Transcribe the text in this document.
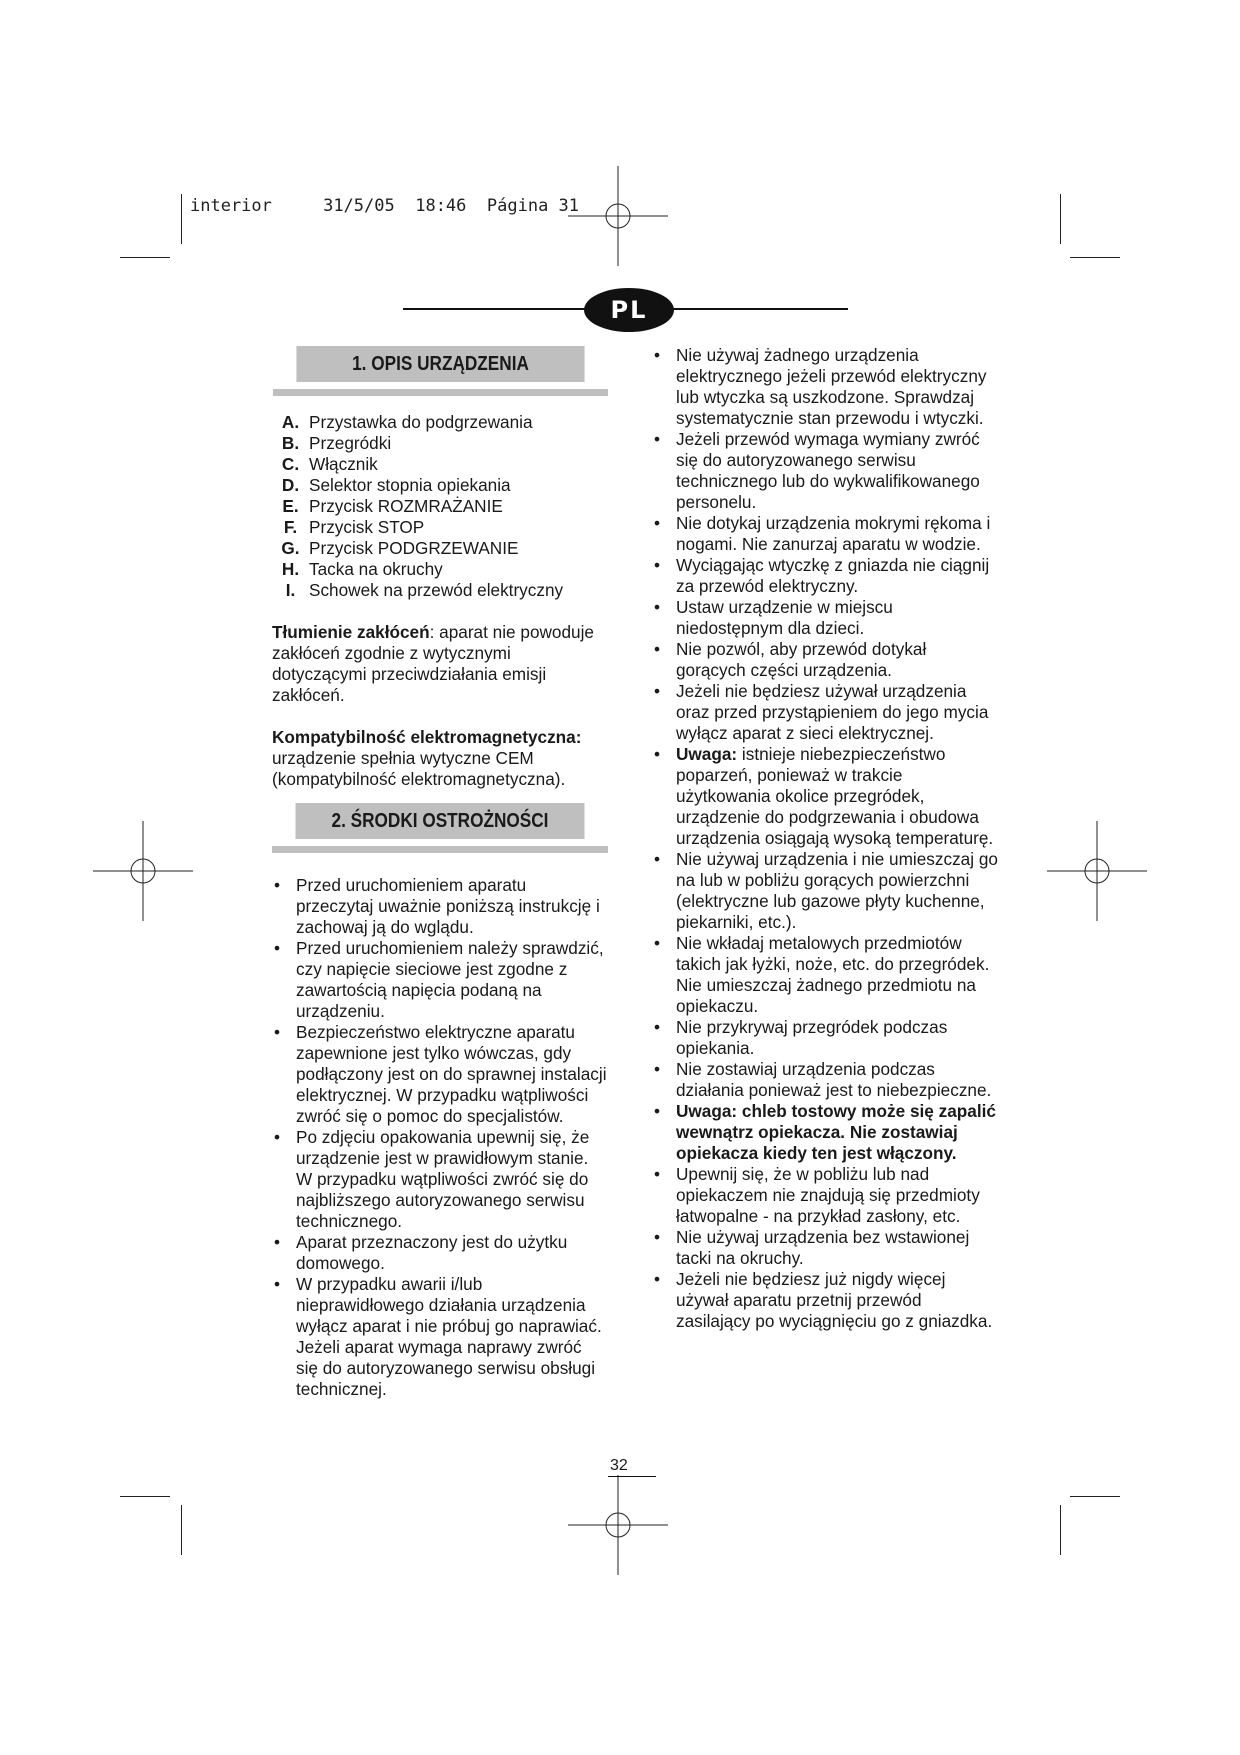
interior	31/5/05 18:46 Página 31
PL
1. OPIS URZĄDZENIA
A. Przystawka do podgrzewania
B. Przegródki
C. Włącznik
D. Selektor stopnia opiekania
E. Przycisk ROZMRAŻANIE
F. Przycisk STOP
G. Przycisk PODGRZEWANIE
H. Tacka na okruchy
I. Schowek na przewód elektryczny

Tłumienie zakłóceń: aparat nie powoduje zakłóceń zgodnie z wytycznymi dotyczącymi przeciwdziałania emisji zakłóceń.

Kompatybilność elektromagnetyczna:
urządzenie spełnia wytyczne CEM (kompatybilność elektromagnetyczna).

2. ŚRODKI OSTROŻNOŚCI
• Przed uruchomieniem aparatu przeczytaj uważnie poniższą instrukcję i zachowaj ją do wglądu.
• Przed uruchomieniem należy sprawdzić, czy napięcie sieciowe jest zgodne z zawartością napięcia podaną na urządzeniu.
• Bezpieczeństwo elektryczne aparatu zapewnione jest tylko wówczas, gdy podłączony jest on do sprawnej instalacji elektrycznej. W przypadku wątpliwości zwróć się o pomoc do specjalistów.
• Po zdjęciu opakowania upewnij się, że urządzenie jest w prawidłowym stanie. W przypadku wątpliwości zwróć się do najbliższego autoryzowanego serwisu technicznego.
• Aparat przeznaczony jest do użytku domowego.
• W przypadku awarii i/lub nieprawidłowego działania urządzenia wyłącz aparat i nie próbuj go naprawiać. Jeżeli aparat wymaga naprawy zwróć się do autoryzowanego serwisu obsługi technicznej.
• Nie używaj żadnego urządzenia elektrycznego jeżeli przewód elektryczny lub wtyczka są uszkodzone. Sprawdzaj systematycznie stan przewodu i wtyczki.
• Jeżeli przewód wymaga wymiany zwróć się do autoryzowanego serwisu technicznego lub do wykwalifikowanego personelu.
• Nie dotykaj urządzenia mokrymi rękoma i nogami. Nie zanurzaj aparatu w wodzie.
• Wyciągając wtyczkę z gniazda nie ciągnij za przewód elektryczny.
• Ustaw urządzenie w miejscu niedostępnym dla dzieci.
• Nie pozwól, aby przewód dotykał gorących części urządzenia.
• Jeżeli nie będziesz używał urządzenia oraz przed przystąpieniem do jego mycia wyłącz aparat z sieci elektrycznej.
• Uwaga: istnieje niebezpieczeństwo poparzeń, ponieważ w trakcie użytkowania okolice przegródek, urządzenie do podgrzewania i obudowa urządzenia osiągają wysoką temperaturę.
• Nie używaj urządzenia i nie umieszczaj go na lub w pobliżu gorących powierzchni (elektryczne lub gazowe płyty kuchenne, piekarniki, etc.).
• Nie wkładaj metalowych przedmiotów takich jak łyżki, noże, etc. do przegródek. Nie umieszczaj żadnego przedmiotu na opiekaczu.
• Nie przykrywaj przegródek podczas opiekania.
• Nie zostawiaj urządzenia podczas działania ponieważ jest to niebezpieczne.
• Uwaga: chleb tostowy może się zapalić wewnątrz opiekacza. Nie zostawiaj opiekacza kiedy ten jest włączony.
• Upewnij się, że w pobliżu lub nad opiekaczem nie znajdują się przedmioty łatwopalne - na przykład zasłony, etc.
• Nie używaj urządzenia bez wstawionej tacki na okruchy.
• Jeżeli nie będziesz już nigdy więcej używał aparatu przetnij przewód zasilający po wyciągnięciu go z gniazdka.
32
